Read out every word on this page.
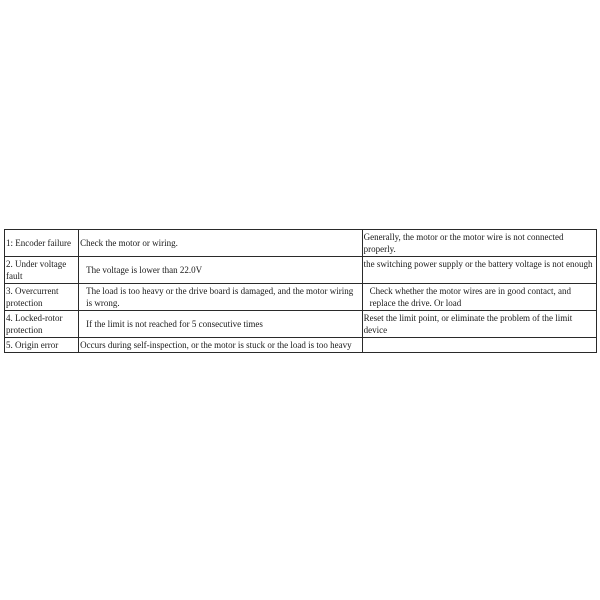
1: Encoder failure	Check the motor or wiring.	Generally, the motor or the motor wire is not connected properly.
2. Under voltage fault	The voltage is lower than 22.0V	the switching power supply or the battery voltage is not enough
3. Overcurrent protection	The load is too heavy or the drive board is damaged, and the motor wiring is wrong.	Check whether the motor wires are in good contact, and replace the drive. Or load
4. Locked-rotor protection	If the limit is not reached for 5 consecutive times	Reset the limit point, or eliminate the problem of the limit device
5. Origin error	Occurs during self-inspection, or the motor is stuck or the load is too heavy	
